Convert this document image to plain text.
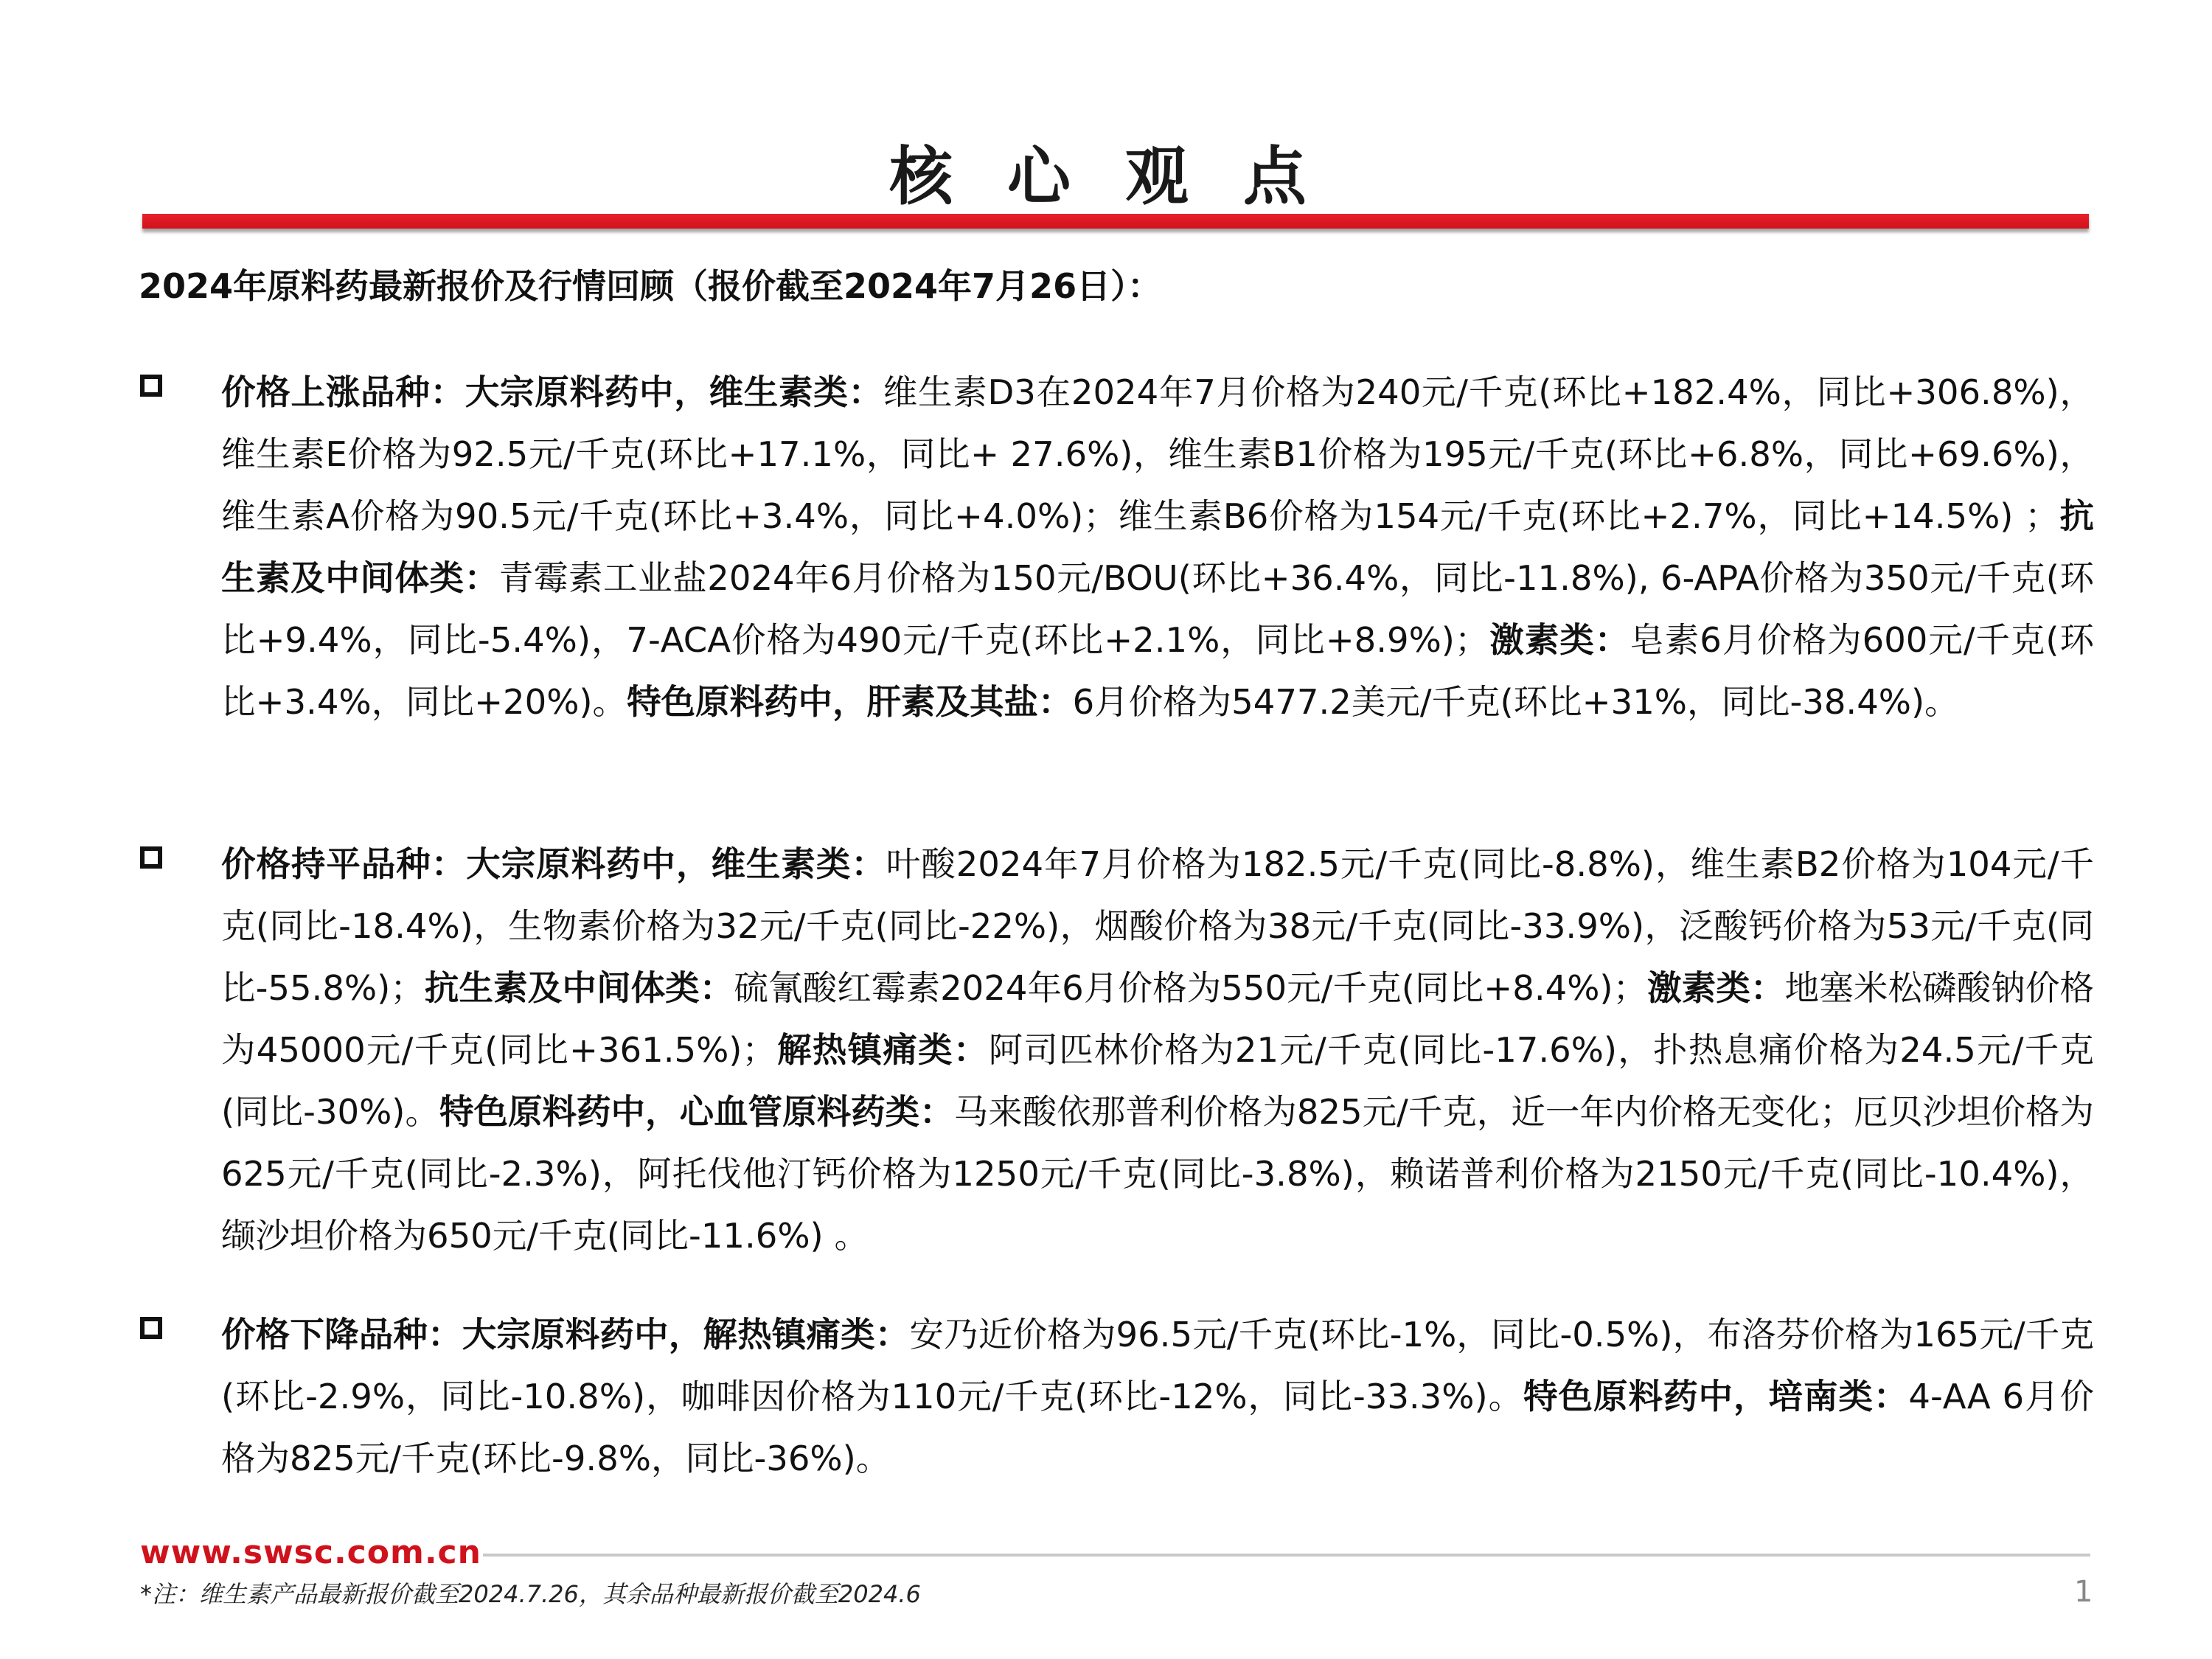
核 心 观 点
2024年原料药最新报价及行情回顾（报价截至2024年7月26日）：

价格上涨品种：大宗原料药中，维生素类：维生素D3在2024年7月价格为240元/千克(环比+182.4%，同比+306.8%)，维生素E价格为92.5元/千克(环比+17.1%，同比+ 27.6%)，维生素B1价格为195元/千克(环比+6.8%，同比+69.6%)，维生素A价格为90.5元/千克(环比+3.4%，同比+4.0%)；维生素B6价格为154元/千克(环比+2.7%，同比+14.5%) ；抗生素及中间体类：青霉素工业盐2024年6月价格为150元/BOU(环比+36.4%，同比-11.8%), 6-APA价格为350元/千克(环比+9.4%，同比-5.4%)，7-ACA价格为490元/千克(环比+2.1%，同比+8.9%)；激素类：皂素6月价格为600元/千克(环比+3.4%，同比+20%)。特色原料药中，肝素及其盐：6月价格为5477.2美元/千克(环比+31%，同比-38.4%)。

价格持平品种：大宗原料药中，维生素类：叶酸2024年7月价格为182.5元/千克(同比-8.8%)，维生素B2价格为104元/千克(同比-18.4%)，生物素价格为32元/千克(同比-22%)，烟酸价格为38元/千克(同比-33.9%)，泛酸钙价格为53元/千克(同比-55.8%)；抗生素及中间体类：硫氰酸红霉素2024年6月价格为550元/千克(同比+8.4%)；激素类：地塞米松磷酸钠价格为45000元/千克(同比+361.5%)；解热镇痛类：阿司匹林价格为21元/千克(同比-17.6%)，扑热息痛价格为24.5元/千克(同比-30%)。特色原料药中，心血管原料药类：马来酸依那普利价格为825元/千克，近一年内价格无变化；厄贝沙坦价格为625元/千克(同比-2.3%)，阿托伐他汀钙价格为1250元/千克(同比-3.8%)，赖诺普利价格为2150元/千克(同比-10.4%)，缬沙坦价格为650元/千克(同比-11.6%) 。

价格下降品种：大宗原料药中，解热镇痛类：安乃近价格为96.5元/千克(环比-1%，同比-0.5%)，布洛芬价格为165元/千克(环比-2.9%，同比-10.8%)，咖啡因价格为110元/千克(环比-12%，同比-33.3%)。特色原料药中，培南类：4-AA 6月价格为825元/千克(环比-9.8%，同比-36%)。

www.swsc.com.cn
*注：维生素产品最新报价截至2024.7.26，其余品种最新报价截至2024.6	1
